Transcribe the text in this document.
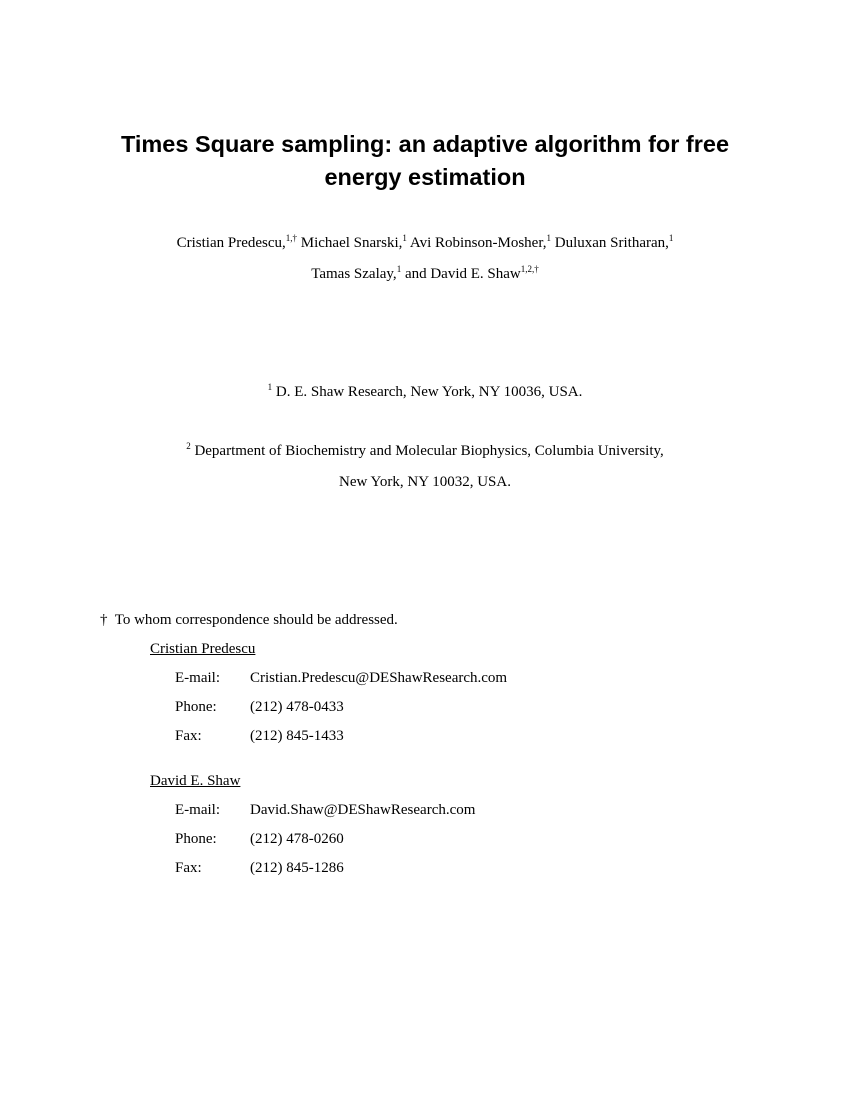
Times Square sampling: an adaptive algorithm for free
energy estimation
Cristian Predescu,$^{1,\dagger}$ Michael Snarski,$^1$ Avi Robinson-Mosher,$^1$ Duluxan Sritharan,$^1$
Tamas Szalay,$^1$ and David E. Shaw$^{1,2,\dagger}$
$^1$ D. E. Shaw Research, New York, NY 10036, USA.
$^2$ Department of Biochemistry and Molecular Biophysics, Columbia University,
New York, NY 10032, USA.
† To whom correspondence should be addressed.
Cristian Predescu
E-mail: Cristian.Predescu@DEShawResearch.com
Phone: (212) 478-0433
Fax:	(212) 845-1433
David E. Shaw
E-mail: David.Shaw@DEShawResearch.com
Phone: (212) 478-0260
Fax:	(212) 845-1286
